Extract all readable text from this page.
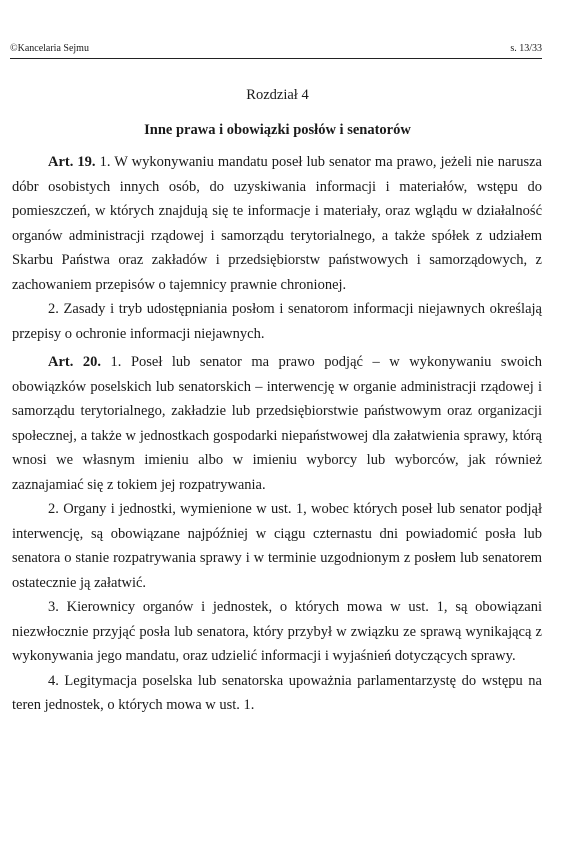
©Kancelaria Sejmu	s. 13/33
Rozdział 4
Inne prawa i obowiązki posłów i senatorów

Art. 19. 1. W wykonywaniu mandatu poseł lub senator ma prawo, jeżeli nie narusza dóbr osobistych innych osób, do uzyskiwania informacji i materiałów, wstępu do pomieszczeń, w których znajdują się te informacje i materiały, oraz wglądu w działalność organów administracji rządowej i samorządu terytorialnego, a także spółek z udziałem Skarbu Państwa oraz zakładów i przedsiębiorstw państwowych i samorządowych, z zachowaniem przepisów o tajemnicy prawnie chronionej.

2. Zasady i tryb udostępniania posłom i senatorom informacji niejawnych określają przepisy o ochronie informacji niejawnych.

Art. 20. 1. Poseł lub senator ma prawo podjąć – w wykonywaniu swoich obowiązków poselskich lub senatorskich – interwencję w organie administracji rządowej i samorządu terytorialnego, zakładzie lub przedsiębiorstwie państwowym oraz organizacji społecznej, a także w jednostkach gospodarki niepaństwowej dla załatwienia sprawy, którą wnosi we własnym imieniu albo w imieniu wyborcy lub wyborców, jak również zaznajamiać się z tokiem jej rozpatrywania.

2. Organy i jednostki, wymienione w ust. 1, wobec których poseł lub senator podjął interwencję, są obowiązane najpóźniej w ciągu czternastu dni powiadomić posła lub senatora o stanie rozpatrywania sprawy i w terminie uzgodnionym z posłem lub senatorem ostatecznie ją załatwić.

3. Kierownicy organów i jednostek, o których mowa w ust. 1, są obowiązani niezwłocznie przyjąć posła lub senatora, który przybył w związku ze sprawą wynikającą z wykonywania jego mandatu, oraz udzielić informacji i wyjaśnień dotyczących sprawy.

4. Legitymacja poselska lub senatorska upoważnia parlamentarzystę do wstępu na teren jednostek, o których mowa w ust. 1.
